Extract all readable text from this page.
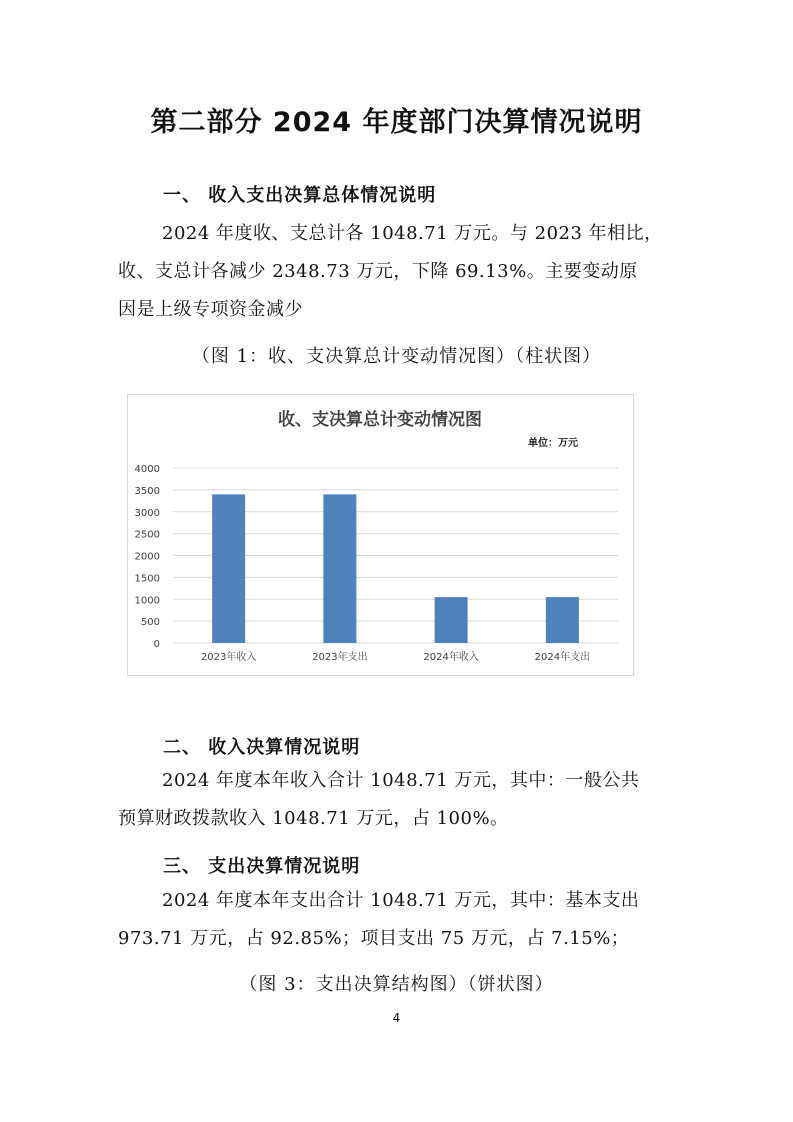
第二部分 2024 年度部门决算情况说明
一、 收入支出决算总体情况说明
2024 年度收、支总计各 1048.71 万元。与 2023 年相比，
收、支总计各减少 2348.73 万元，下降 69.13%。主要变动原
因是上级专项资金减少
（图 1：收、支决算总计变动情况图）（柱状图）
收、支决算总计变动情况图
单位：万元
0
500
1000
1500
2000
2500
3000
3500
4000
2023年收入	2023年支出	2024年收入	2024年支出
二、 收入决算情况说明
2024 年度本年收入合计 1048.71 万元，其中：一般公共
预算财政拨款收入 1048.71 万元，占 100%。
三、 支出决算情况说明
2024 年度本年支出合计 1048.71 万元，其中：基本支出
973.71 万元，占 92.85%；项目支出 75 万元，占 7.15%；
（图 3：支出决算结构图）（饼状图）
4
